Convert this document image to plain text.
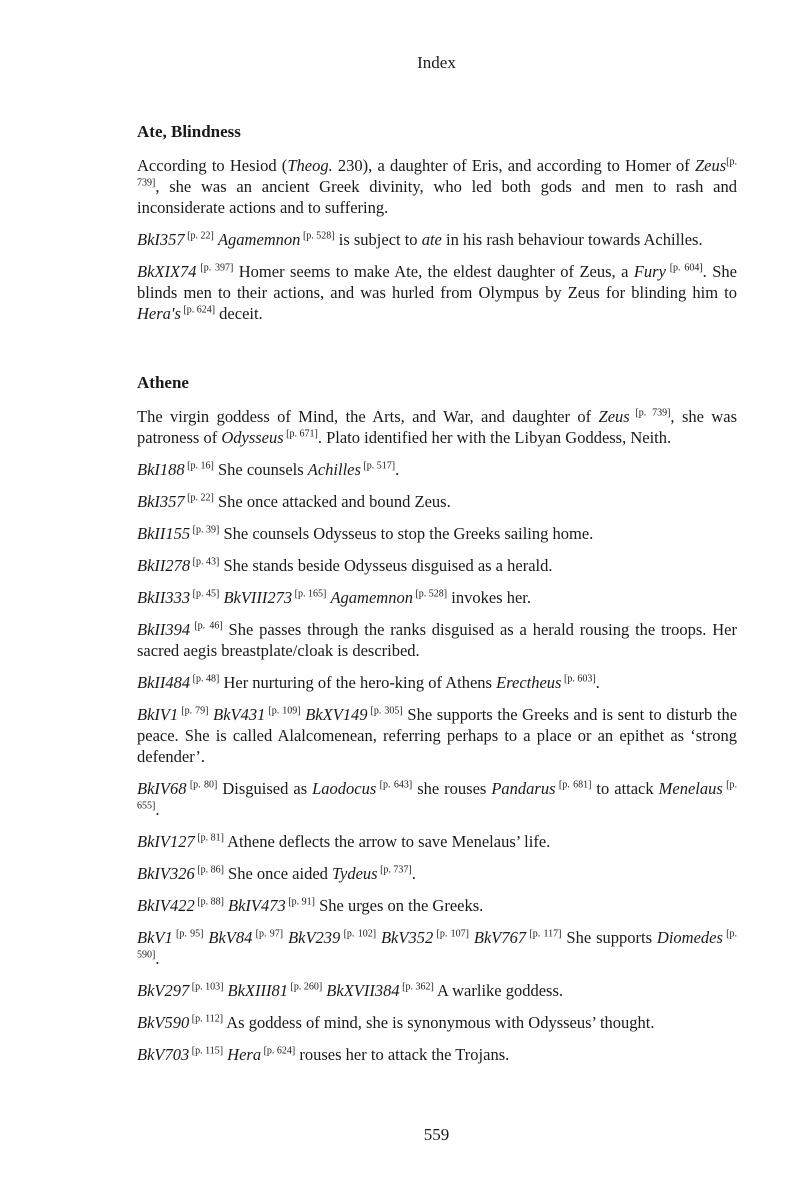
Index
Ate, Blindness
According to Hesiod (Theog. 230), a daughter of Eris, and according to Homer of Zeus[p. 739], she was an ancient Greek divinity, who led both gods and men to rash and inconsiderate actions and to suffering.
BkI357 [p. 22] Agamemnon [p. 528] is subject to ate in his rash behaviour towards Achilles.
BkXIX74 [p. 397] Homer seems to make Ate, the eldest daughter of Zeus, a Fury [p. 604]. She blinds men to their actions, and was hurled from Olympus by Zeus for blinding him to Hera's [p. 624] deceit.
Athene
The virgin goddess of Mind, the Arts, and War, and daughter of Zeus [p. 739], she was patroness of Odysseus [p. 671]. Plato identified her with the Libyan Goddess, Neith.
BkI188 [p. 16] She counsels Achilles [p. 517].
BkI357 [p. 22] She once attacked and bound Zeus.
BkII155 [p. 39] She counsels Odysseus to stop the Greeks sailing home.
BkII278 [p. 43] She stands beside Odysseus disguised as a herald.
BkII333 [p. 45] BkVIII273 [p. 165] Agamemnon [p. 528] invokes her.
BkII394 [p. 46] She passes through the ranks disguised as a herald rousing the troops. Her sacred aegis breastplate/cloak is described.
BkII484 [p. 48] Her nurturing of the hero-king of Athens Erectheus [p. 603].
BkIV1 [p. 79] BkV431 [p. 109] BkXV149 [p. 305] She supports the Greeks and is sent to disturb the peace. She is called Alalcomenean, referring perhaps to a place or an epithet as ‘strong defender’.
BkIV68 [p. 80] Disguised as Laodocus [p. 643] she rouses Pandarus [p. 681] to attack Menelaus [p. 655].
BkIV127 [p. 81] Athene deflects the arrow to save Menelaus’ life.
BkIV326 [p. 86] She once aided Tydeus [p. 737].
BkIV422 [p. 88] BkIV473 [p. 91] She urges on the Greeks.
BkV1 [p. 95] BkV84 [p. 97] BkV239 [p. 102] BkV352 [p. 107] BkV767 [p. 117] She supports Diomedes [p. 590].
BkV297 [p. 103] BkXIII81 [p. 260] BkXVII384 [p. 362] A warlike goddess.
BkV590 [p. 112] As goddess of mind, she is synonymous with Odysseus’ thought.
BkV703 [p. 115] Hera [p. 624] rouses her to attack the Trojans.
559
